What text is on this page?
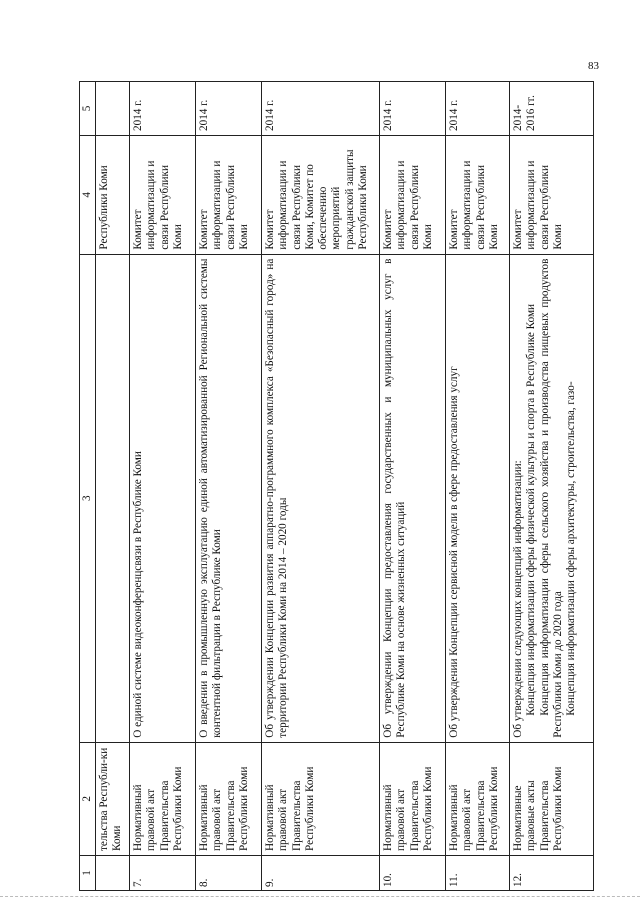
83
1	2	3	4	5
	тельства Республи-ки Коми		Республики Коми	
7.	Нормативный правовой акт Правительства Республики Коми	О единой системе видеоконференцсвязи в Республике Коми	Комитет информатизации и связи Республики Коми	2014 г.
8.	Нормативный правовой акт Правительства Республики Коми	О введении в промышленную эксплуатацию единой автоматизированной Региональной системы контентной фильтрации в Республике Коми	Комитет информатизации и связи Республики Коми	2014 г.
9.	Нормативный правовой акт Правительства Республики Коми	Об утверждении Концепции развития аппаратно-программного комплекса «Безопасный город» на территории Республики Коми на 2014 – 2020 годы	Комитет информатизации и связи Республики Коми, Комитет по обеспечению мероприятий гражданской защиты Республики Коми	2014 г.
10.	Нормативный правовой акт Правительства Республики Коми	Об утверждении Концепции предоставления государственных и муниципальных услуг в Республике Коми на основе жизненных ситуаций	Комитет информатизации и связи Республики Коми	2014 г.
11.	Нормативный правовой акт Правительства Республики Коми	Об утверждении Концепции сервисной модели в сфере предоставления услуг	Комитет информатизации и связи Республики Коми	2014 г.
12.	Нормативные правовые акты Правительства Республики Коми	Об утверждении следующих концепций информатизации: Концепция информатизации сферы физической культуры и спорта в Республике Коми Концепция информатизации сферы сельского хозяйства и производства пищевых продуктов Республики Коми до 2020 года Концепция информатизации сферы архитектуры, строительства, газо-	Комитет информатизации и связи Республики Коми	2014-2016 гг.
